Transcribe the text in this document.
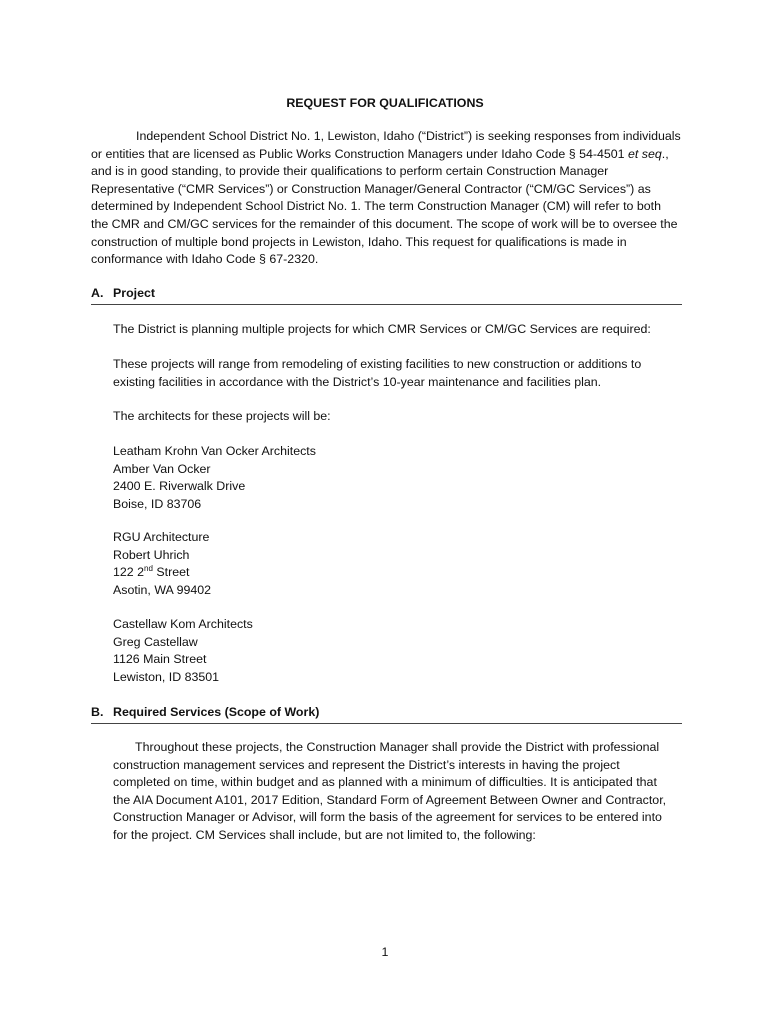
REQUEST FOR QUALIFICATIONS

Independent School District No. 1, Lewiston, Idaho (“District”) is seeking responses from individuals or entities that are licensed as Public Works Construction Managers under Idaho Code § 54-4501 et seq., and is in good standing, to provide their qualifications to perform certain Construction Manager Representative (“CMR Services”) or Construction Manager/General Contractor (“CM/GC Services”) as determined by Independent School District No. 1. The term Construction Manager (CM) will refer to both the CMR and CM/GC services for the remainder of this document. The scope of work will be to oversee the construction of multiple bond projects in Lewiston, Idaho. This request for qualifications is made in conformance with Idaho Code § 67-2320.

A. Project

The District is planning multiple projects for which CMR Services or CM/GC Services are required:

These projects will range from remodeling of existing facilities to new construction or additions to existing facilities in accordance with the District’s 10-year maintenance and facilities plan.

The architects for these projects will be:

Leatham Krohn Van Ocker Architects
Amber Van Ocker
2400 E. Riverwalk Drive
Boise, ID 83706
RGU Architecture
Robert Uhrich
122 2nd Street
Asotin, WA 99402
Castellaw Kom Architects
Greg Castellaw
1126 Main Street
Lewiston, ID 83501
B. Required Services (Scope of Work)

Throughout these projects, the Construction Manager shall provide the District with professional construction management services and represent the District’s interests in having the project completed on time, within budget and as planned with a minimum of difficulties. It is anticipated that the AIA Document A101, 2017 Edition, Standard Form of Agreement Between Owner and Contractor, Construction Manager or Advisor, will form the basis of the agreement for services to be entered into for the project. CM Services shall include, but are not limited to, the following:

1
